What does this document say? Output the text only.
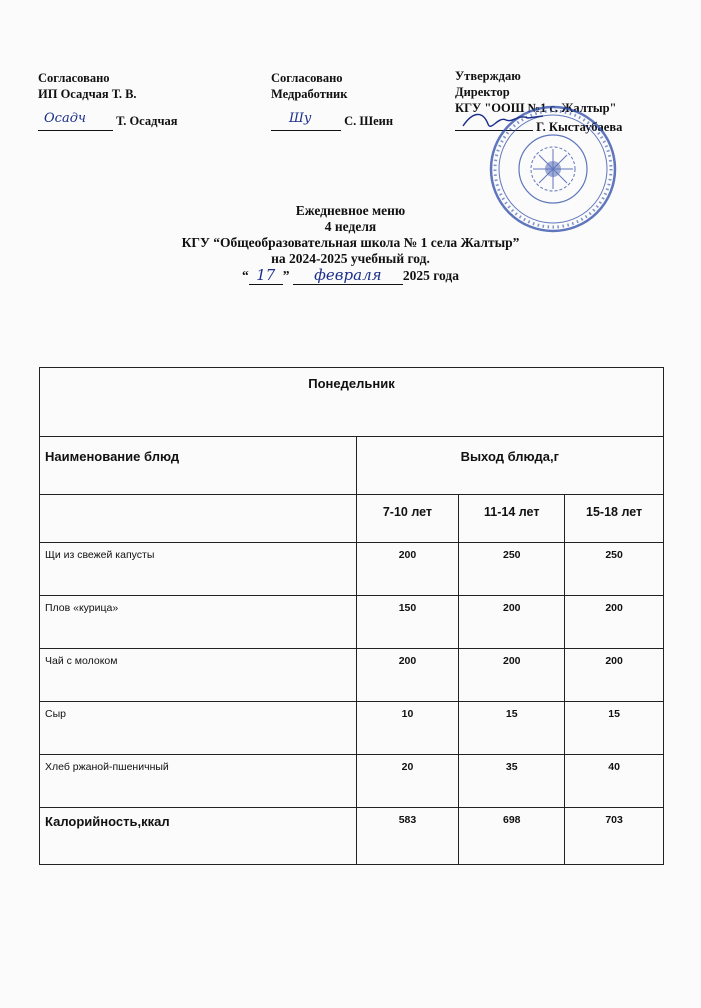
Согласовано
ИП Осадчая Т. В.
Осадч Т. Осадчая
Согласовано
Медработник
Шу	С. Шеин
Утверждаю
Директор
КГУ "ООШ №1 с. Жалтыр"
Г. Кыстаубаева
Ежедневное меню
4 неделя
КГУ “Общеобразовательная школа № 1 села Жалтыр”
на 2024-2025 учебный год.
“ 17 ” февраля 2025 года
Понедельник			
Наименование блюд	Выход блюда,г		
	7-10 лет	11-14 лет	15-18 лет
Щи из свежей капусты	200	250	250
Плов «курица»	150	200	200
Чай с молоком	200	200	200
Сыр	10	15	15
Хлеб ржаной-пшеничный	20	35	40
Калорийность,ккал	583	698	703
